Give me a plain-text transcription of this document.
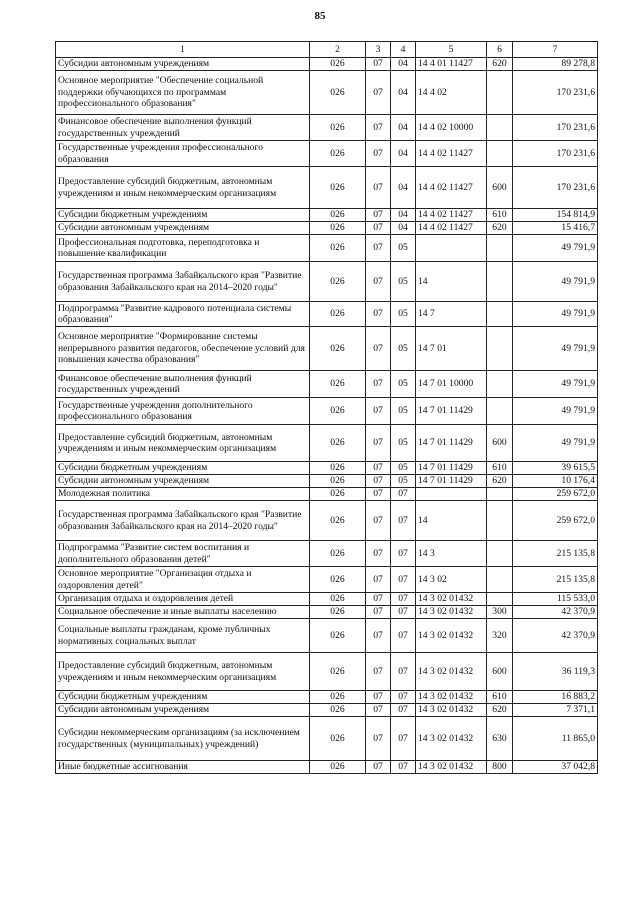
85
1	2	3	4	5	6	7
Субсидии автономным учреждениям	026	07	04	14 4 01 11427	620	89 278,8
Основное мероприятие "Обеспечение социальной поддержки обучающихся по программам профессионального образования"	026	07	04	14 4 02		170 231,6
Финансовое обеспечение выполнения функций государственных учреждений	026	07	04	14 4 02 10000		170 231,6
Государственные учреждения профессионального образования	026	07	04	14 4 02 11427		170 231,6
Предоставление субсидий бюджетным, автономным учреждениям и иным некоммерческим организациям	026	07	04	14 4 02 11427	600	170 231,6
Субсидии бюджетным учреждениям	026	07	04	14 4 02 11427	610	154 814,9
Субсидии автономным учреждениям	026	07	04	14 4 02 11427	620	15 416,7
Профессиональная подготовка, переподготовка и повышение квалификации	026	07	05			49 791,9
Государственная программа Забайкальского края "Развитие образования Забайкальского края на 2014–2020 годы"	026	07	05	14		49 791,9
Подпрограмма "Развитие кадрового потенциала системы образования"	026	07	05	14 7		49 791,9
Основное мероприятие "Формирование системы непрерывного развития педагогов, обеспечение условий для повышения качества образования"	026	07	05	14 7 01		49 791,9
Финансовое обеспечение выполнения функций государственных учреждений	026	07	05	14 7 01 10000		49 791,9
Государственные учреждения дополнительного профессионального образования	026	07	05	14 7 01 11429		49 791,9
Предоставление субсидий бюджетным, автономным учреждениям и иным некоммерческим организациям	026	07	05	14 7 01 11429	600	49 791,9
Субсидии бюджетным учреждениям	026	07	05	14 7 01 11429	610	39 615,5
Субсидии автономным учреждениям	026	07	05	14 7 01 11429	620	10 176,4
Молодежная политика	026	07	07			259 672,0
Государственная программа Забайкальского края "Развитие образования Забайкальского края на 2014–2020 годы"	026	07	07	14		259 672,0
Подпрограмма "Развитие систем воспитания и дополнительного образования детей"	026	07	07	14 3		215 135,8
Основное мероприятие "Организация отдыха и оздоровления детей"	026	07	07	14 3 02		215 135,8
Организация отдыха и оздоровления детей	026	07	07	14 3 02 01432		115 533,0
Социальное обеспечение и иные выплаты населению	026	07	07	14 3 02 01432	300	42 370,9
Социальные выплаты гражданам, кроме публичных нормативных социальных выплат	026	07	07	14 3 02 01432	320	42 370,9
Предоставление субсидий бюджетным, автономным учреждениям и иным некоммерческим организациям	026	07	07	14 3 02 01432	600	36 119,3
Субсидии бюджетным учреждениям	026	07	07	14 3 02 01432	610	16 883,2
Субсидии автономным учреждениям	026	07	07	14 3 02 01432	620	7 371,1
Субсидии некоммерческим организациям (за исключением государственных (муниципальных) учреждений)	026	07	07	14 3 02 01432	630	11 865,0
Иные бюджетные ассигнования	026	07	07	14 3 02 01432	800	37 042,8
